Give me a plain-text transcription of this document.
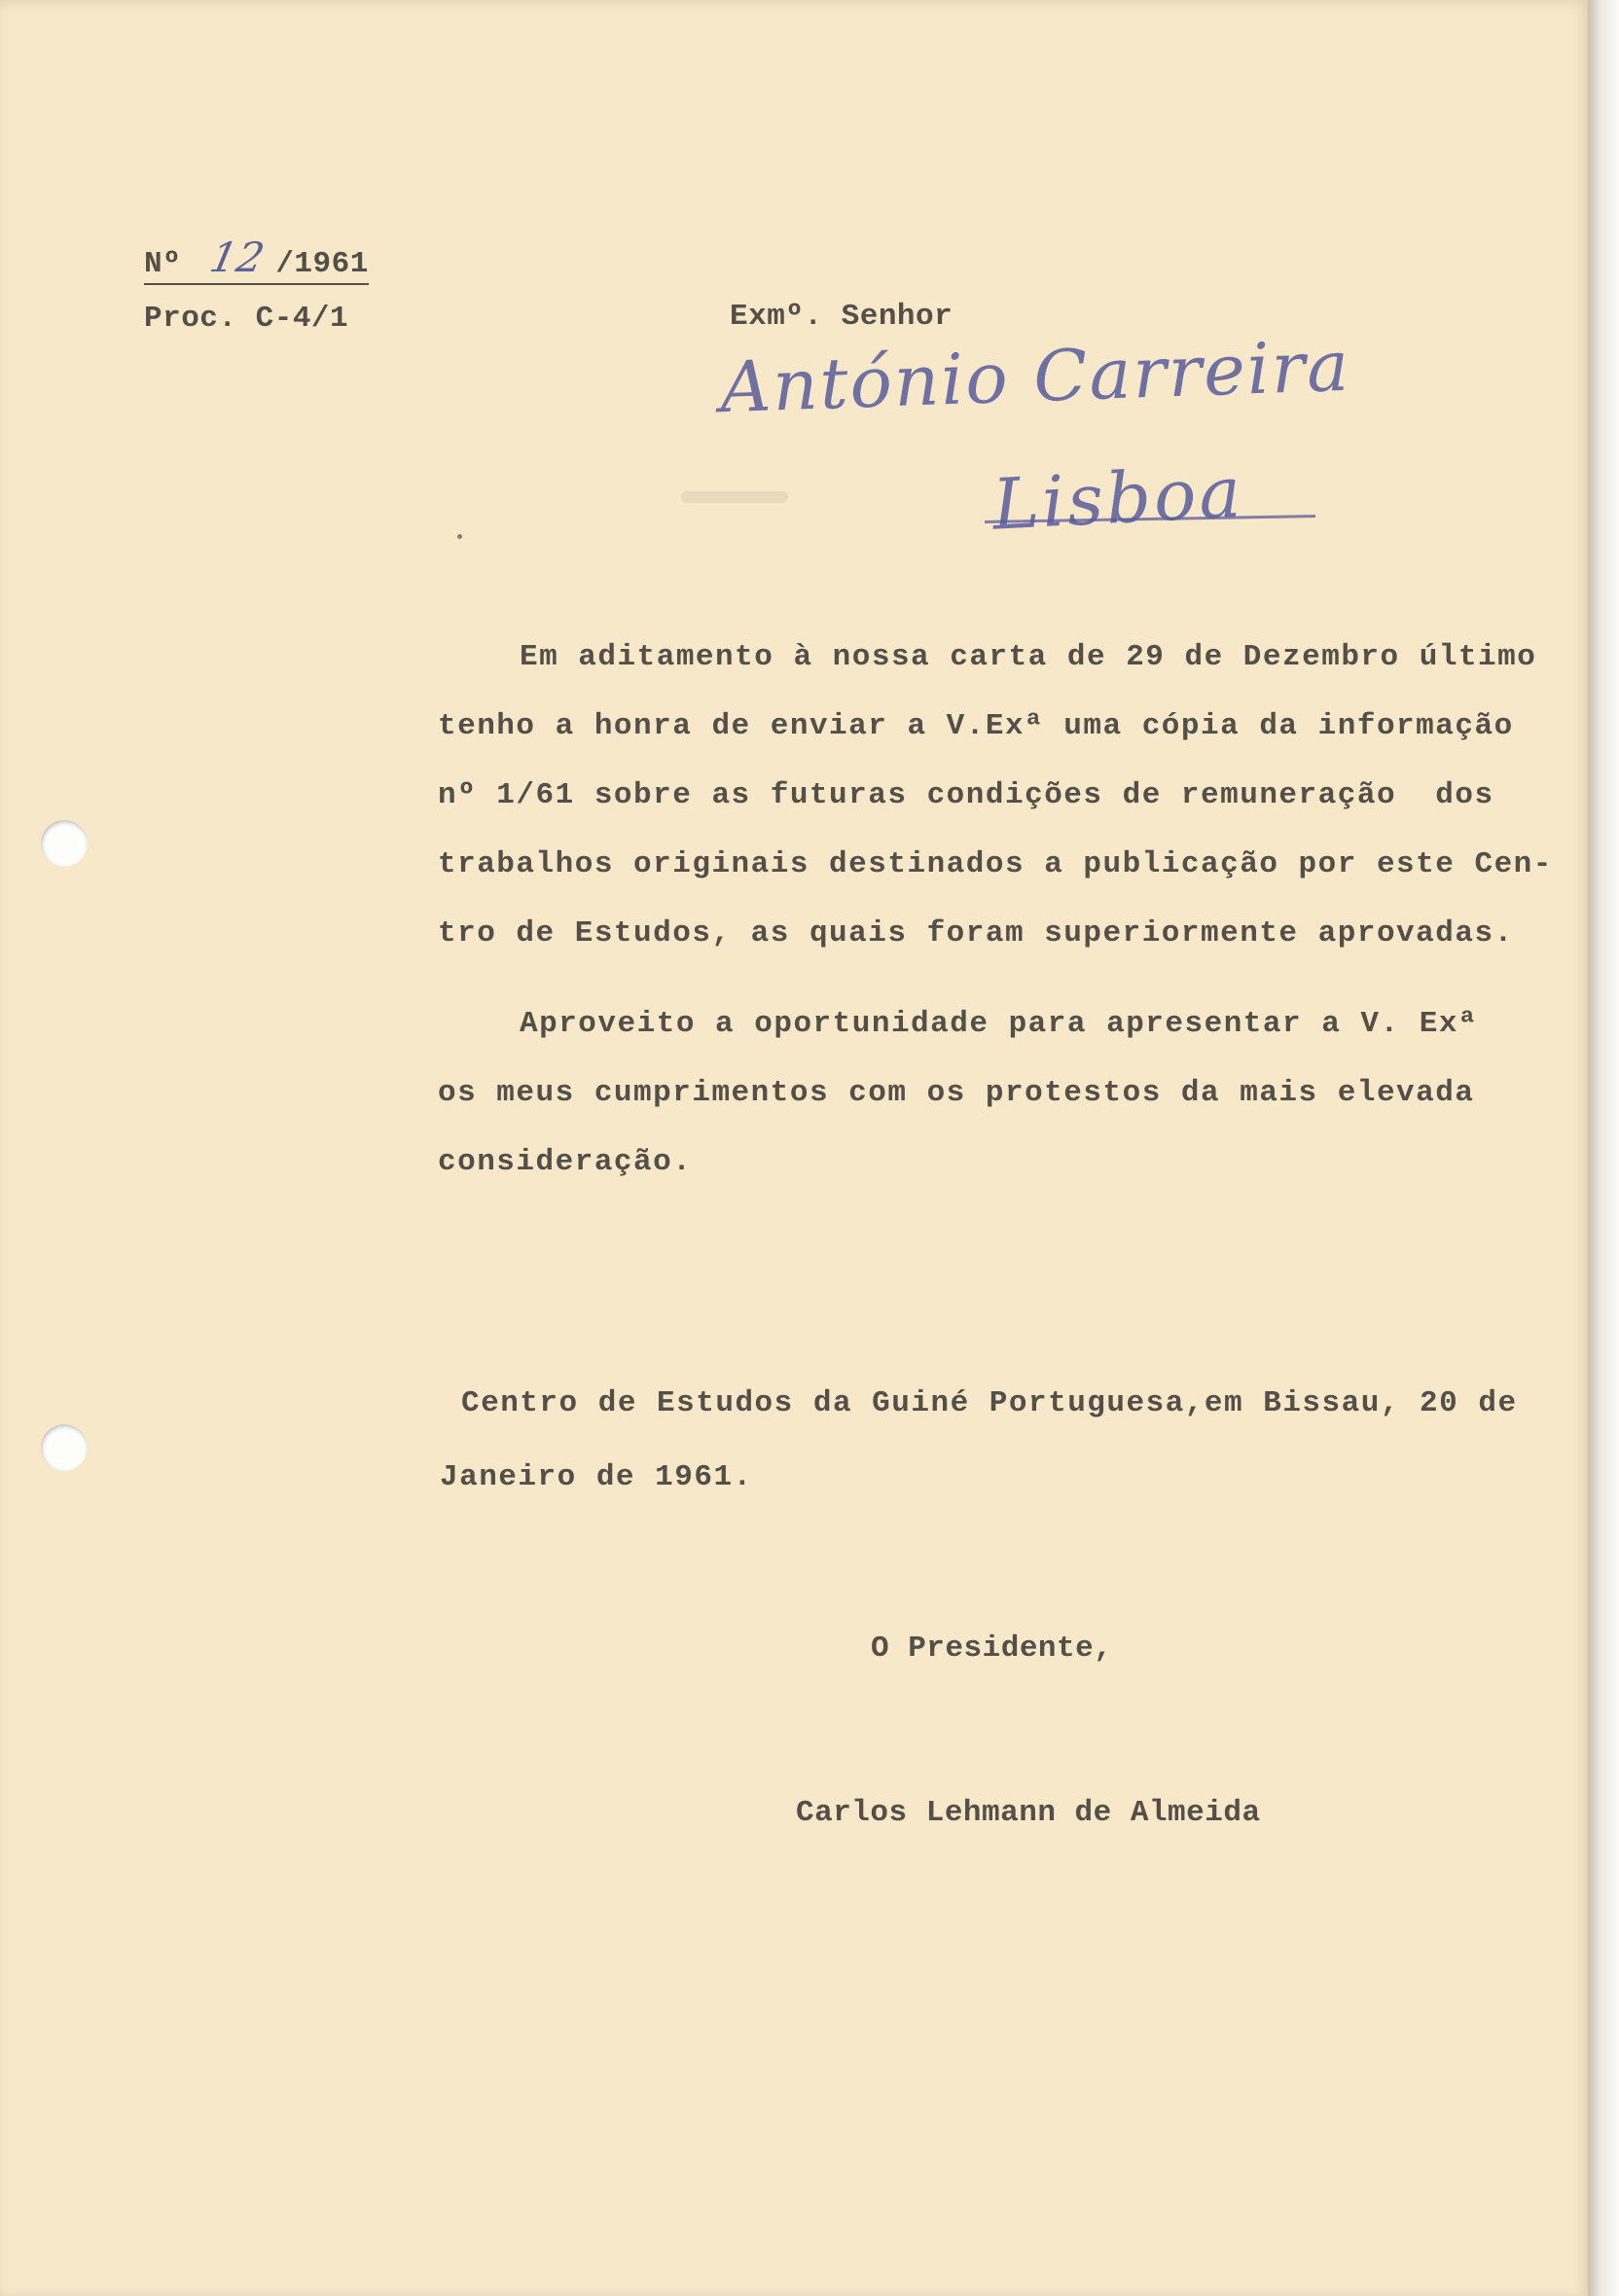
Nº 12 /1961
Proc. C-4/1	Exmº. Senhor
António Carreira
Lisboa
Em aditamento à nossa carta de 29 de Dezembro último
tenho a honra de enviar a V.Exª uma cópia da informação
nº 1/61 sobre as futuras condições de remuneração  dos
trabalhos originais destinados a publicação por este Cen-
tro de Estudos, as quais foram superiormente aprovadas.
Aproveito a oportunidade para apresentar a V. Exª
os meus cumprimentos com os protestos da mais elevada
consideração.
Centro de Estudos da Guiné Portuguesa,em Bissau, 20 de
Janeiro de 1961.
O Presidente,
Carlos Lehmann de Almeida
